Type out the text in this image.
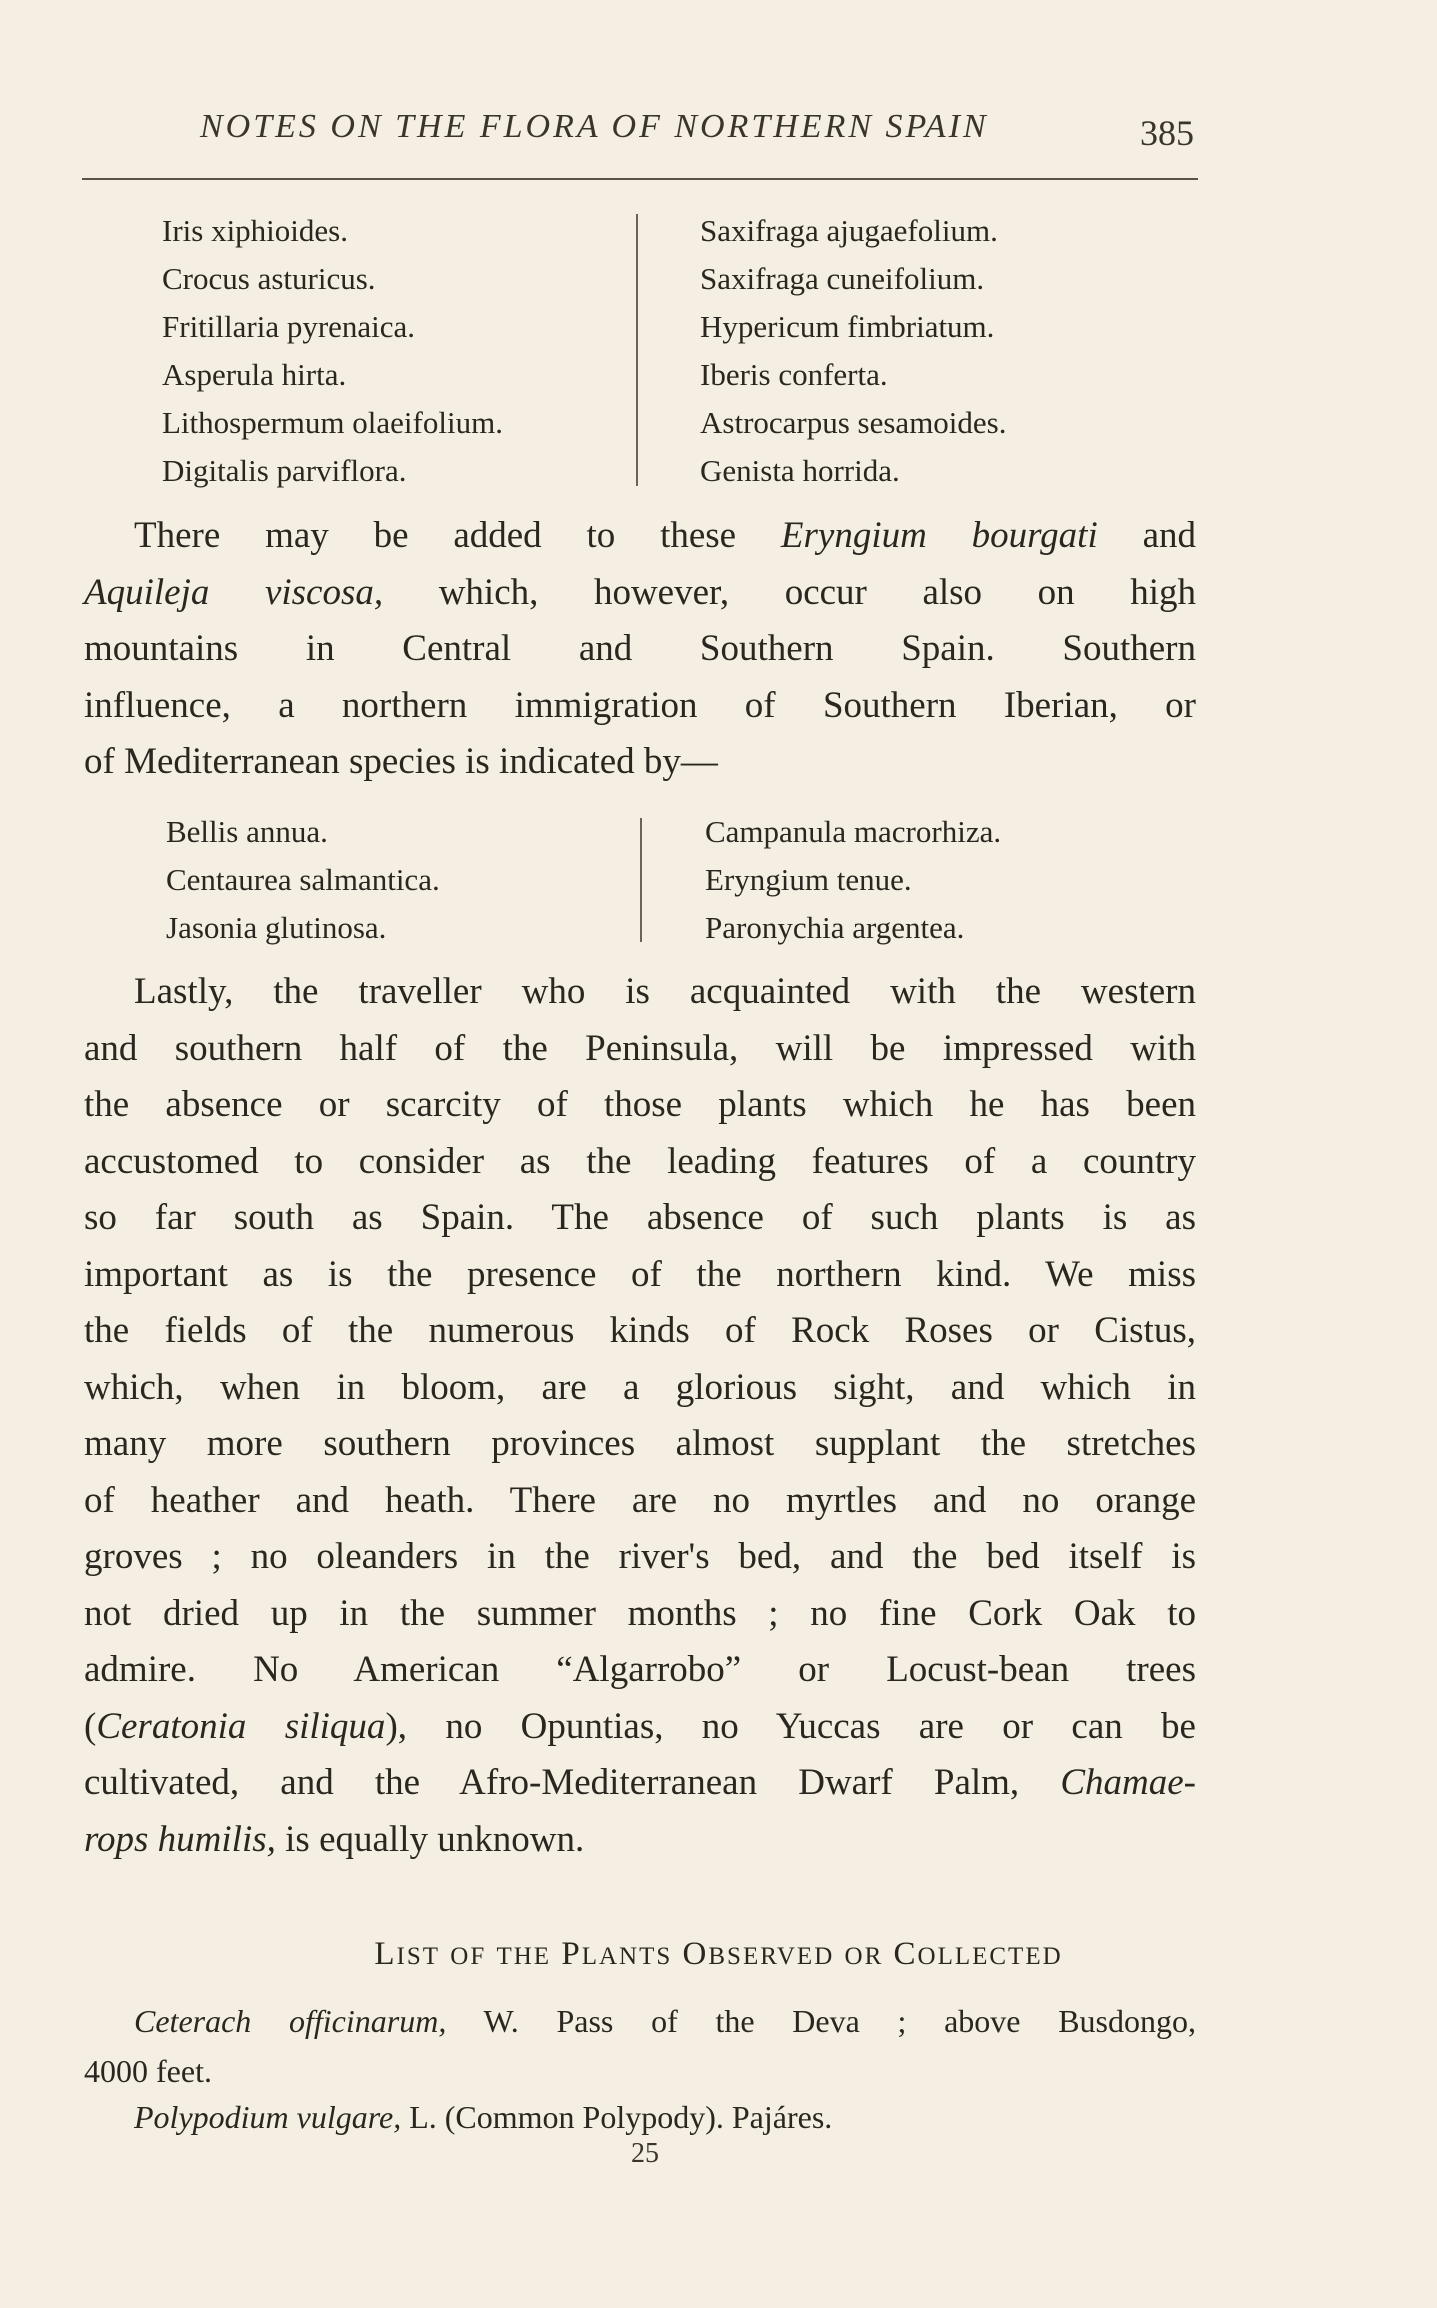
NOTES ON THE FLORA OF NORTHERN SPAIN	385
Iris xiphioides.
Crocus asturicus.
Fritillaria pyrenaica.
Asperula hirta.
Lithospermum olaeifolium.
Digitalis parviflora.
Saxifraga ajugaefolium.
Saxifraga cuneifolium.
Hypericum fimbriatum.
Iberis conferta.
Astrocarpus sesamoides.
Genista horrida.
There may be added to these Eryngium bourgati and
Aquileja viscosa, which, however, occur also on high
mountains in Central and Southern Spain. Southern
influence, a northern immigration of Southern Iberian, or
of Mediterranean species is indicated by—
Bellis annua.
Centaurea salmantica.
Jasonia glutinosa.
Campanula macrorhiza.
Eryngium tenue.
Paronychia argentea.
Lastly, the traveller who is acquainted with the western
and southern half of the Peninsula, will be impressed with
the absence or scarcity of those plants which he has been
accustomed to consider as the leading features of a country
so far south as Spain. The absence of such plants is as
important as is the presence of the northern kind. We miss
the fields of the numerous kinds of Rock Roses or Cistus,
which, when in bloom, are a glorious sight, and which in
many more southern provinces almost supplant the stretches
of heather and heath. There are no myrtles and no orange
groves ; no oleanders in the river's bed, and the bed itself is
not dried up in the summer months ; no fine Cork Oak to
admire. No American “Algarrobo” or Locust-bean trees
(Ceratonia siliqua), no Opuntias, no Yuccas are or can be
cultivated, and the Afro-Mediterranean Dwarf Palm, Chamae-
rops humilis, is equally unknown.
LIST OF THE PLANTS OBSERVED OR COLLECTED
Ceterach officinarum, W. Pass of the Deva ; above Busdongo,
4000 feet.
Polypodium vulgare, L. (Common Polypody). Pajáres.
25
